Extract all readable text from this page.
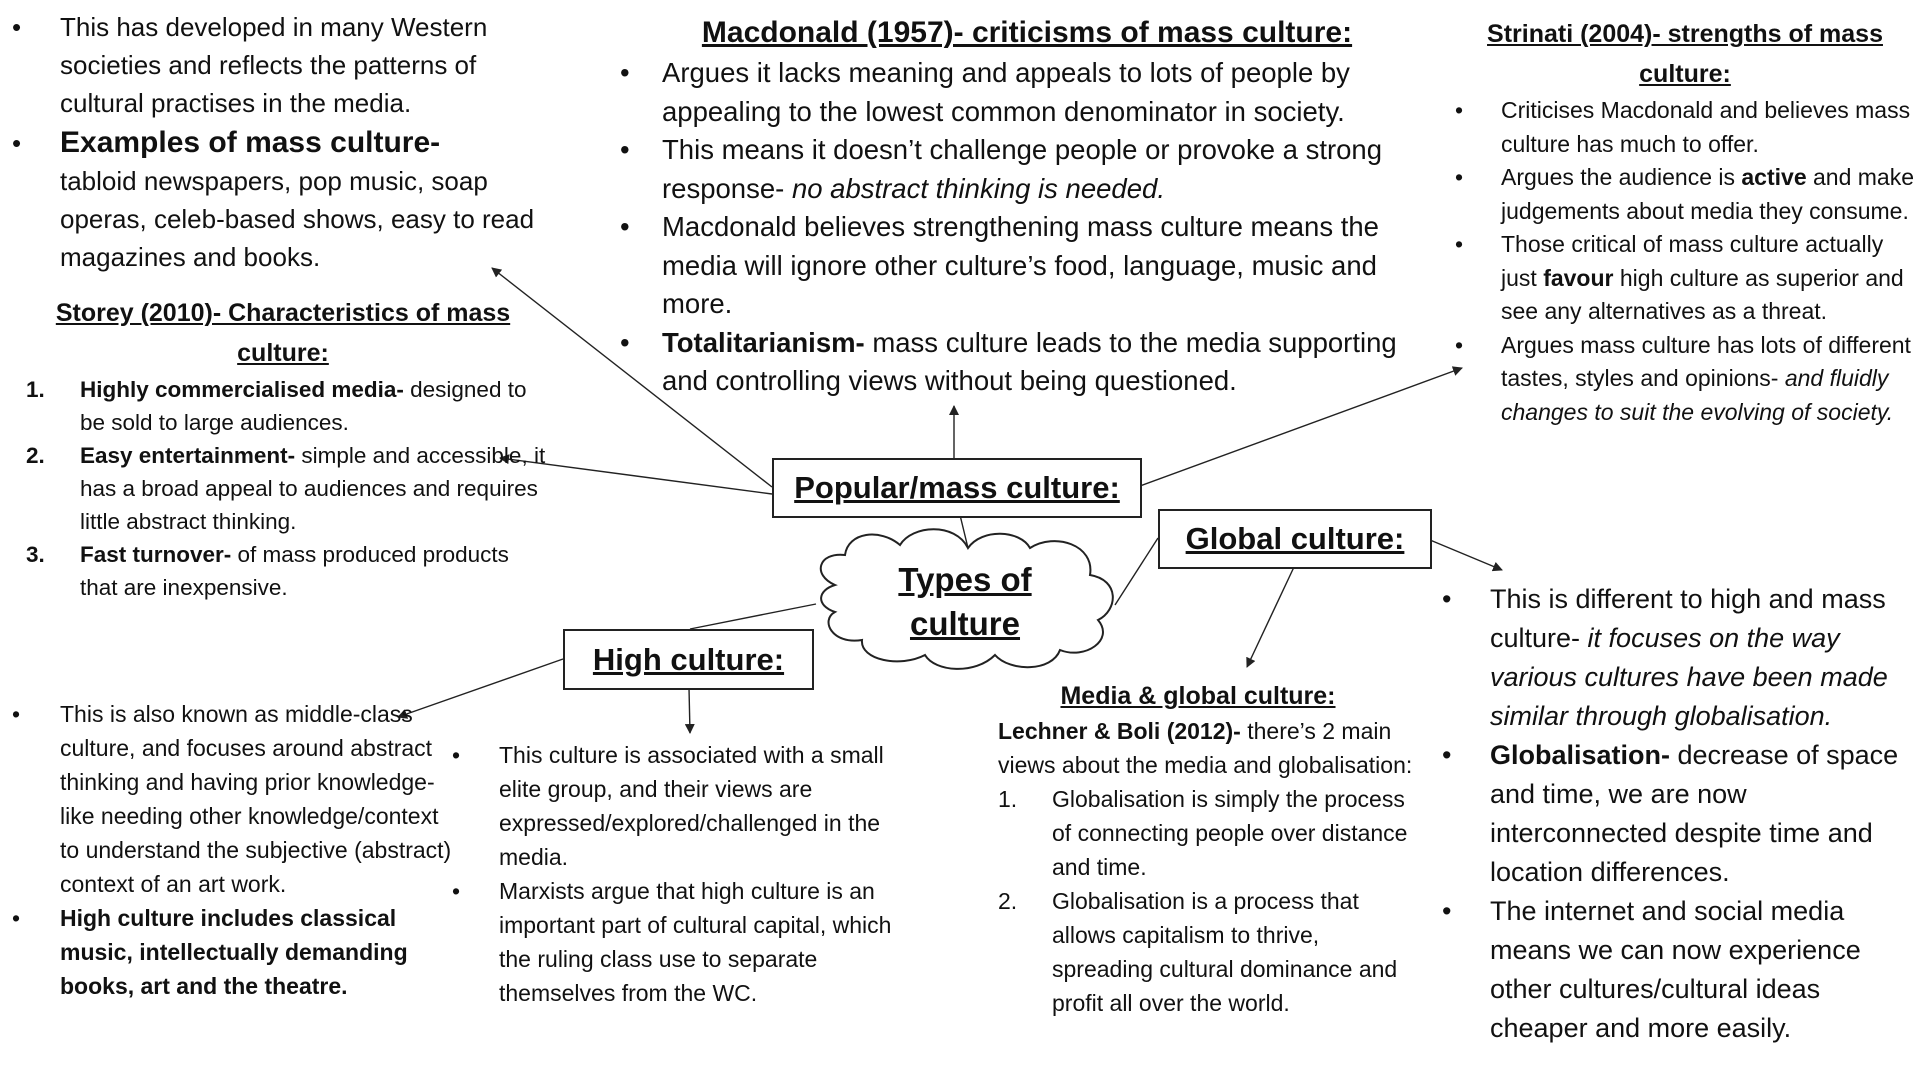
Types of
culture
Popular/mass culture:
Global culture:
High culture:
• This has developed in many Western societies and reflects the patterns of cultural practises in the media.
• Examples of mass culture-
tabloid newspapers, pop music, soap operas, celeb-based shows, easy to read magazines and books.
Storey (2010)- Characteristics of mass culture:
1. Highly commercialised media- designed to be sold to large audiences.
2. Easy entertainment- simple and accessible, it has a broad appeal to audiences and requires little abstract thinking.
3. Fast turnover- of mass produced products that are inexpensive.
Macdonald (1957)- criticisms of mass culture:
• Argues it lacks meaning and appeals to lots of people by appealing to the lowest common denominator in society.
• This means it doesn’t challenge people or provoke a strong response- no abstract thinking is needed.
• Macdonald believes strengthening mass culture means the media will ignore other culture’s food, language, music and more.
• Totalitarianism- mass culture leads to the media supporting and controlling views without being questioned.
Strinati (2004)- strengths of mass culture:
• Criticises Macdonald and believes mass culture has much to offer.
• Argues the audience is active and make judgements about media they consume.
• Those critical of mass culture actually just favour high culture as superior and see any alternatives as a threat.
• Argues mass culture has lots of different tastes, styles and opinions- and fluidly changes to suit the evolving of society.
• This is different to high and mass culture- it focuses on the way various cultures have been made similar through globalisation.
• Globalisation- decrease of space and time, we are now interconnected despite time and location differences.
• The internet and social media means we can now experience other cultures/cultural ideas cheaper and more easily.
Media & global culture:
Lechner & Boli (2012)- there’s 2 main views about the media and globalisation:
1. Globalisation is simply the process of connecting people over distance and time.
2. Globalisation is a process that allows capitalism to thrive, spreading cultural dominance and profit all over the world.
• This is also known as middle-class culture, and focuses around abstract thinking and having prior knowledge- like needing other knowledge/context to understand the subjective (abstract) context of an art work.
• High culture includes classical music, intellectually demanding books, art and the theatre.
• This culture is associated with a small elite group, and their views are expressed/explored/challenged in the media.
• Marxists argue that high culture is an important part of cultural capital, which the ruling class use to separate themselves from the WC.
